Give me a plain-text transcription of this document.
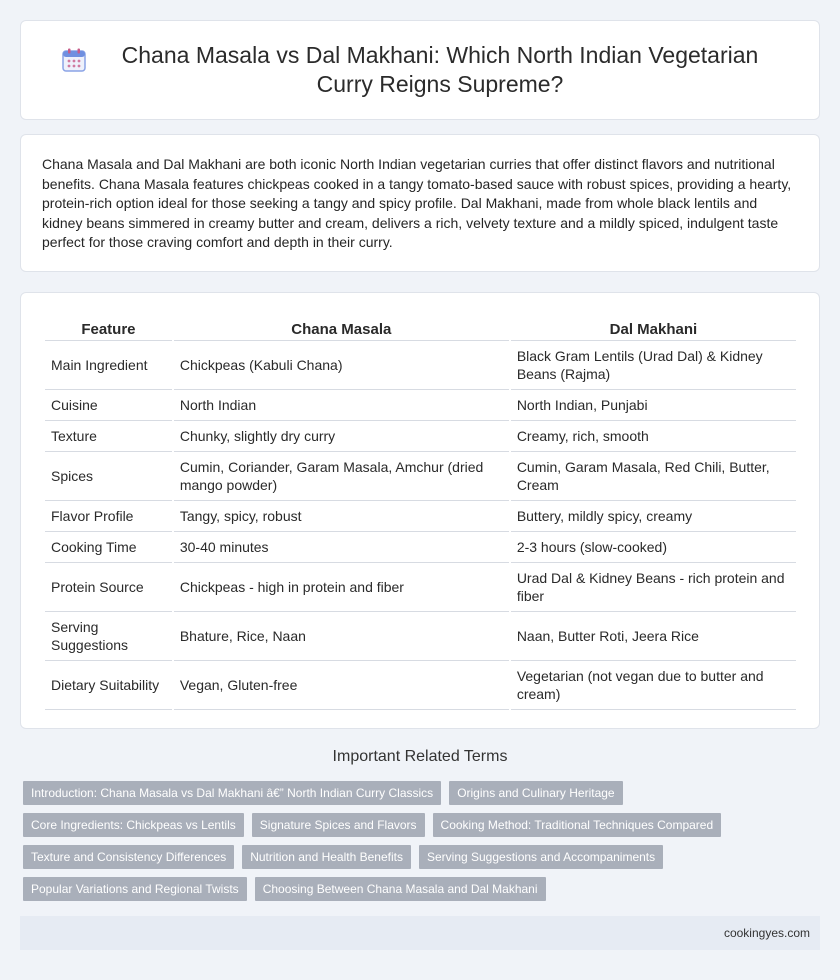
Chana Masala vs Dal Makhani: Which North Indian Vegetarian Curry Reigns Supreme?

Chana Masala and Dal Makhani are both iconic North Indian vegetarian curries that offer distinct flavors and nutritional benefits. Chana Masala features chickpeas cooked in a tangy tomato-based sauce with robust spices, providing a hearty, protein-rich option ideal for those seeking a tangy and spicy profile. Dal Makhani, made from whole black lentils and kidney beans simmered in creamy butter and cream, delivers a rich, velvety texture and a mildly spiced, indulgent taste perfect for those craving comfort and depth in their curry.

Feature	Chana Masala	Dal Makhani
Main Ingredient	Chickpeas (Kabuli Chana)	Black Gram Lentils (Urad Dal) & Kidney Beans (Rajma)
Cuisine	North Indian	North Indian, Punjabi
Texture	Chunky, slightly dry curry	Creamy, rich, smooth
Spices	Cumin, Coriander, Garam Masala, Amchur (dried mango powder)	Cumin, Garam Masala, Red Chili, Butter, Cream
Flavor Profile	Tangy, spicy, robust	Buttery, mildly spicy, creamy
Cooking Time	30-40 minutes	2-3 hours (slow-cooked)
Protein Source	Chickpeas - high in protein and fiber	Urad Dal & Kidney Beans - rich protein and fiber
Serving Suggestions	Bhature, Rice, Naan	Naan, Butter Roti, Jeera Rice
Dietary Suitability	Vegan, Gluten-free	Vegetarian (not vegan due to butter and cream)
Important Related Terms
Introduction: Chana Masala vs Dal Makhani â€” North Indian Curry Classics	Origins and Culinary Heritage
Core Ingredients: Chickpeas vs Lentils	Signature Spices and Flavors	Cooking Method: Traditional Techniques Compared
Texture and Consistency Differences	Nutrition and Health Benefits	Serving Suggestions and Accompaniments
Popular Variations and Regional Twists	Choosing Between Chana Masala and Dal Makhani
cookingyes.com
